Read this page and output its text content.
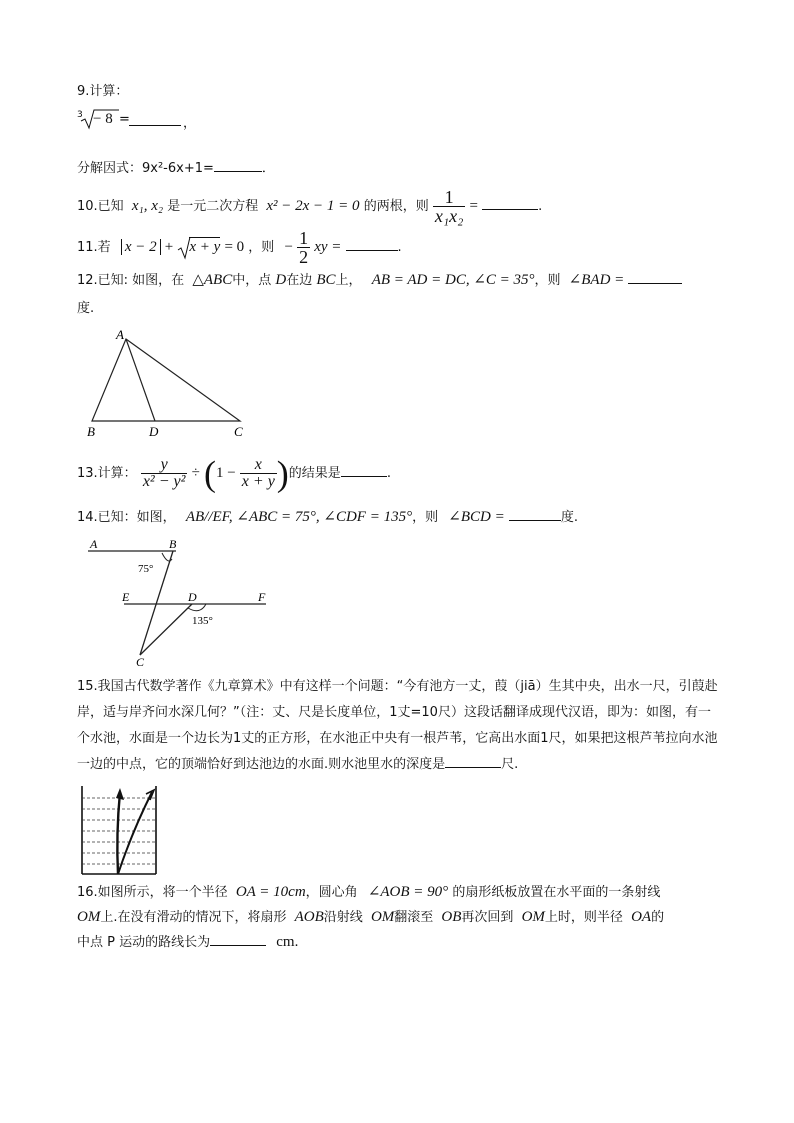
9.计算：
3 − 8 =	，
分解因式：9x²-6x+1=	．
10.已知 x₁, x₂ 是一元二次方程 x² − 2x − 1 = 0 的两根，则 $\frac{1}{\text{x₁x₂}}$ =	.
11.若 x − 2 + x + y = 0 ，则 − $\frac{1}{2}$ xy =	.
12.已知: 如图，在 △ABC中，点 D在边 BC上， AB = AD = DC, ∠C = 35°，则 ∠BAD =
度.
A
B	D	C
13.计算： $\frac{y}{\text{x² − y²}} \div (1 - \frac{x}{x + y}$ )的结果是	.
14.已知：如图， AB//EF, ∠ABC = 75°, ∠CDF = 135°，则 ∠BCD =	度.
A	B
E	D	F
C
75°
135°
15.我国古代数学著作《九章算术》中有这样一个问题：“今有池方一丈，葭（jiā）生其中央，出水一尺，引葭赴岸，适与岸齐问水深几何？”（注：丈、尺是长度单位，1丈=10尺）这段话翻译成现代汉语，即为：如图，有一个水池，水面是一个边长为1丈的正方形，在水池正中央有一根芦苇，它高出水面1尺，如果把这根芦苇拉向水池一边的中点，它的顶端恰好到达池边的水面.则水池里水的深度是	尺.
16.如图所示，将一个半径 OA = 10cm，圆心角 ∠AOB = 90° 的扇形纸板放置在水平面的一条射线
OM上.在没有滑动的情况下，将扇形 AOB沿射线 OM翻滚至 OB再次回到 OM上时，则半径 OA的
中点 P 运动的路线长为	cm.
